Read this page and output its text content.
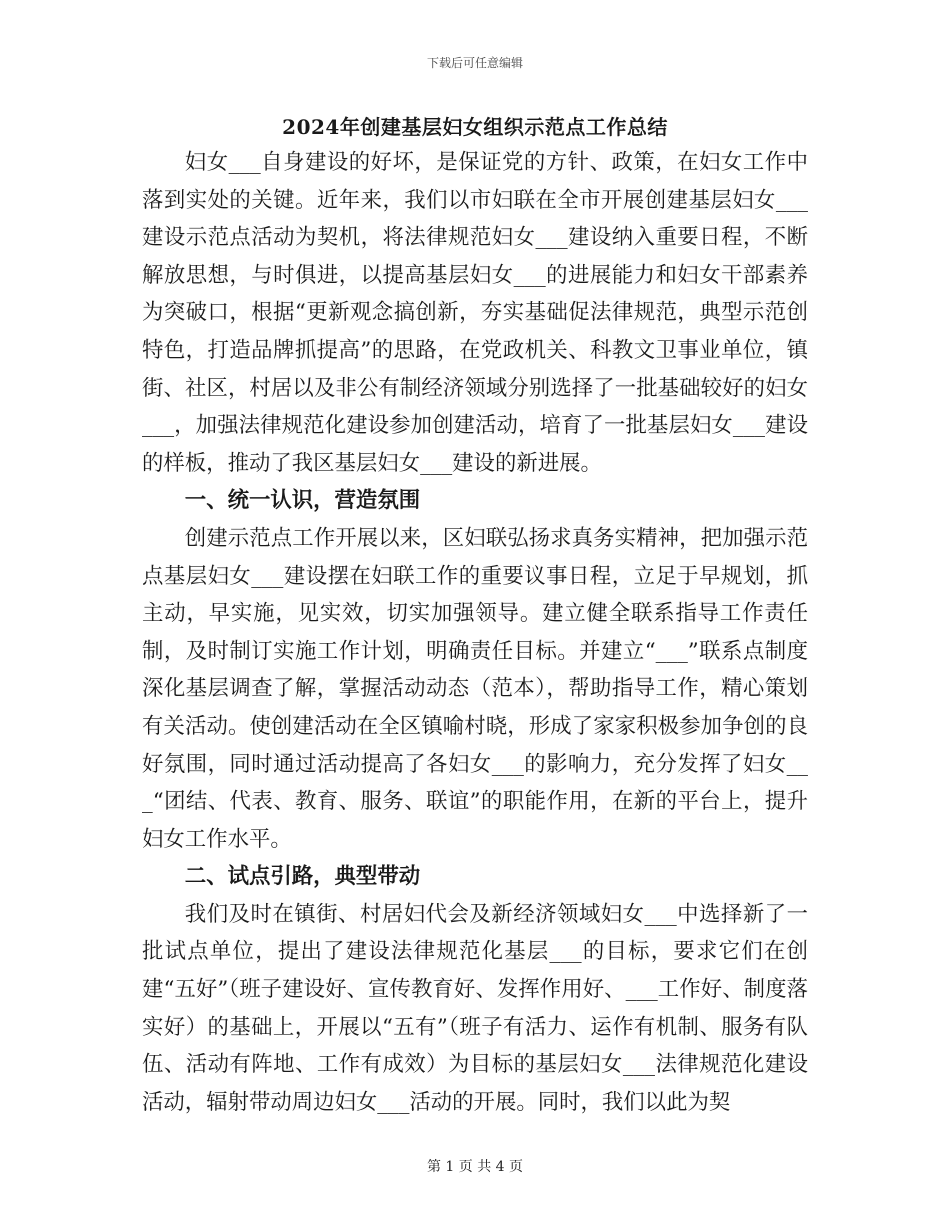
下载后可任意编辑
2024年创建基层妇女组织示范点工作总结

妇女___自身建设的好坏，是保证党的方针、政策，在妇女工作中落到实处的关键。近年来，我们以市妇联在全市开展创建基层妇女___建设示范点活动为契机，将法律规范妇女___建设纳入重要日程，不断解放思想，与时俱进，以提高基层妇女___的进展能力和妇女干部素养为突破口，根据“更新观念搞创新，夯实基础促法律规范，典型示范创特色，打造品牌抓提高”的思路，在党政机关、科教文卫事业单位，镇街、社区，村居以及非公有制经济领域分别选择了一批基础较好的妇女___，加强法律规范化建设参加创建活动，培育了一批基层妇女___建设的样板，推动了我区基层妇女___建设的新进展。

一、统一认识，营造氛围

创建示范点工作开展以来，区妇联弘扬求真务实精神，把加强示范点基层妇女___建设摆在妇联工作的重要议事日程，立足于早规划，抓主动，早实施，见实效，切实加强领导。建立健全联系指导工作责任制，及时制订实施工作计划，明确责任目标。并建立“___”联系点制度深化基层调查了解，掌握活动动态（范本），帮助指导工作，精心策划有关活动。使创建活动在全区镇喻村晓，形成了家家积极参加争创的良好氛围，同时通过活动提高了各妇女___的影响力，充分发挥了妇女___“团结、代表、教育、服务、联谊”的职能作用，在新的平台上，提升妇女工作水平。

二、试点引路，典型带动

我们及时在镇街、村居妇代会及新经济领域妇女___中选择新了一批试点单位，提出了建设法律规范化基层___的目标，要求它们在创建“五好”（班子建设好、宣传教育好、发挥作用好、___工作好、制度落实好）的基础上，开展以“五有”（班子有活力、运作有机制、服务有队伍、活动有阵地、工作有成效）为目标的基层妇女___法律规范化建设活动，辐射带动周边妇女___活动的开展。同时，我们以此为契

第 1 页 共 4 页
